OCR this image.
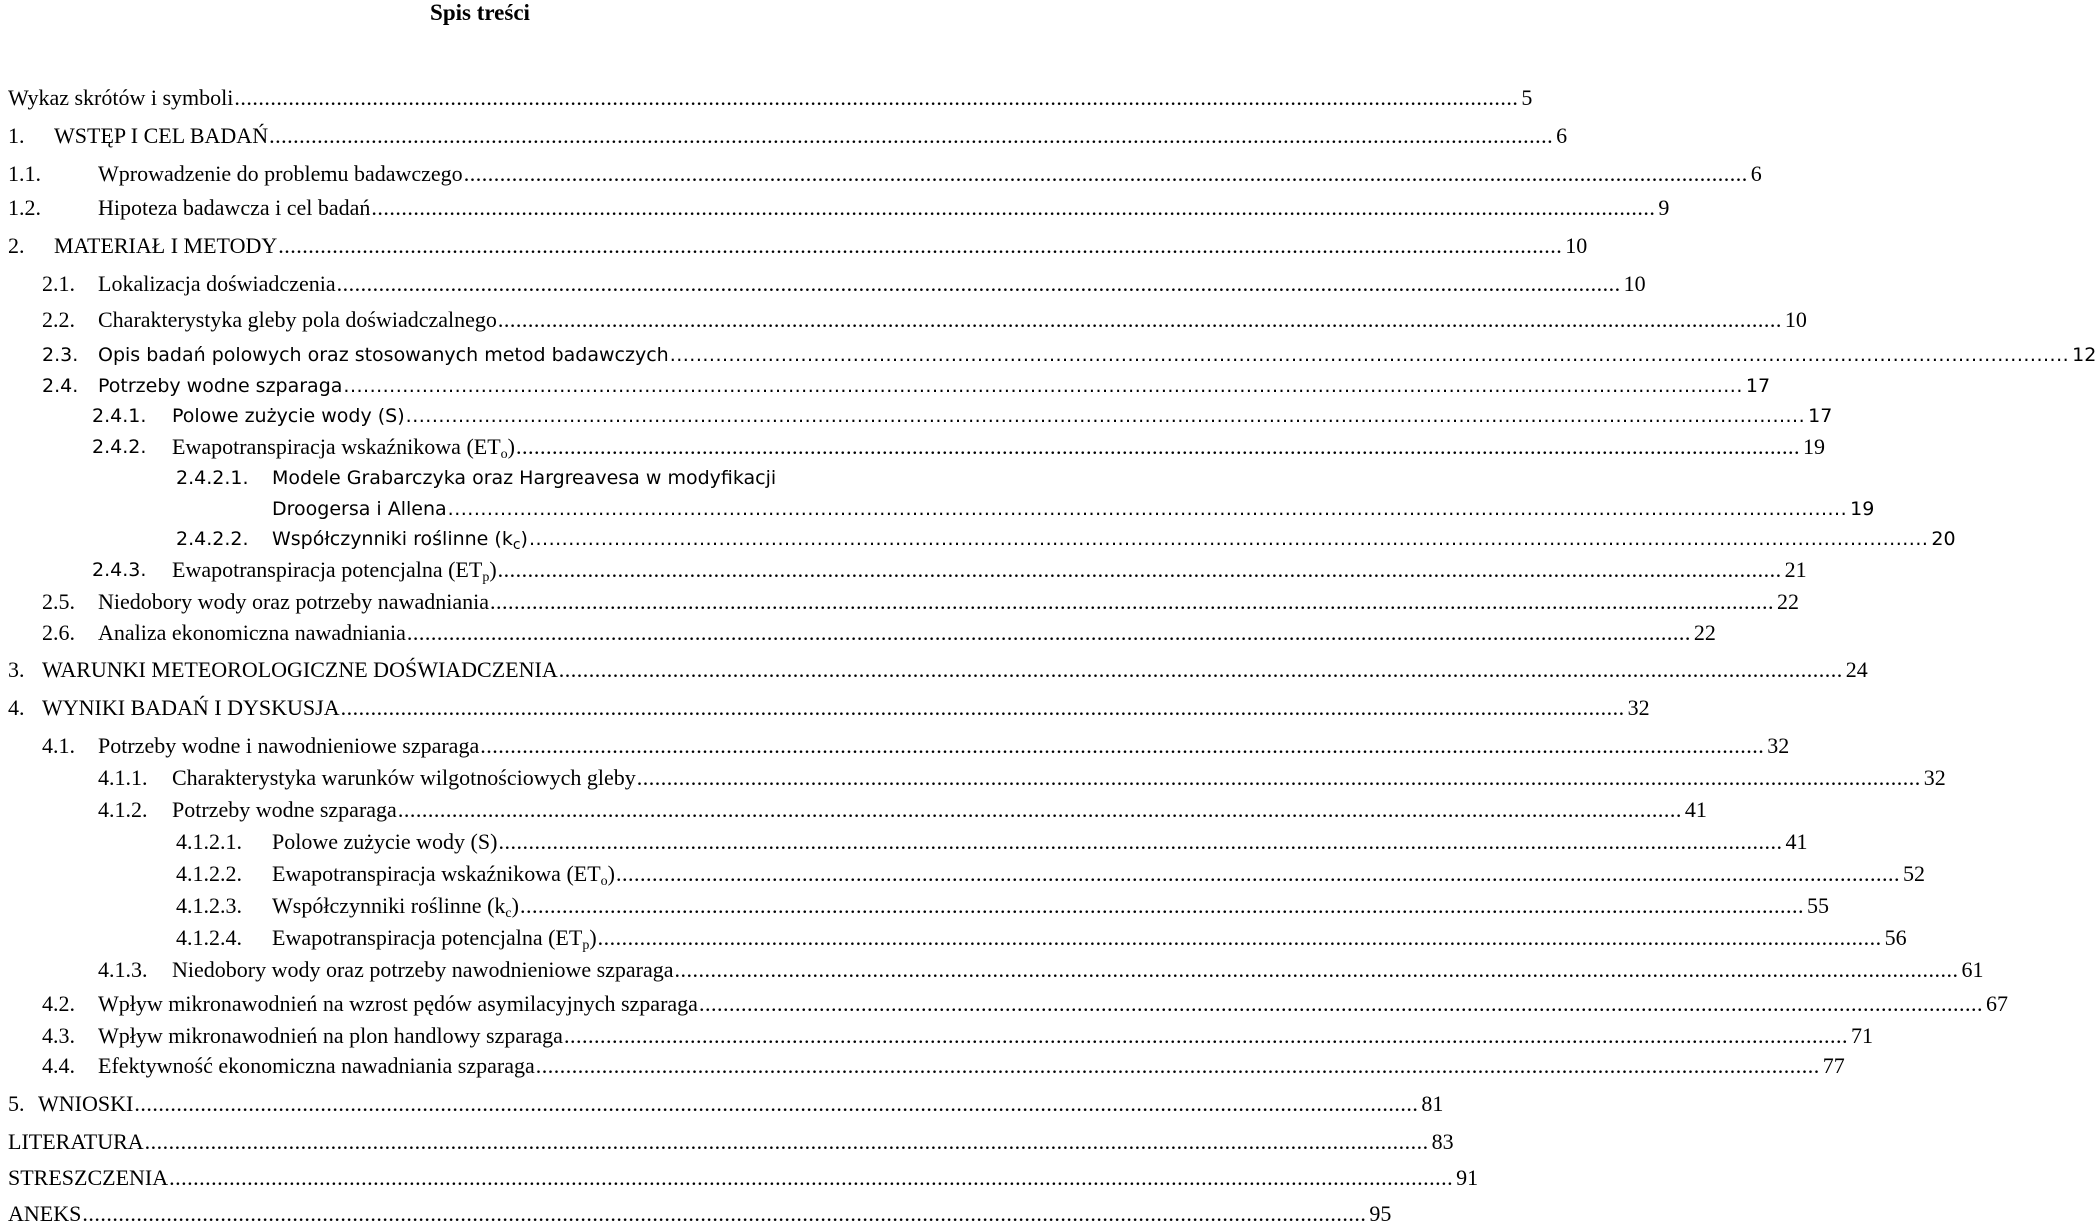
Spis treści
Wykaz skrótów i symboli ...................................................................................................................................................................................................................... 5
1.	WSTĘP I CEL BADAŃ ...................................................................................................................................................................................................................... 6
1.1.	Wprowadzenie do problemu badawczego ...................................................................................................................................................................................................................... 6
1.2.	Hipoteza badawcza i cel badań ...................................................................................................................................................................................................................... 9
2.	MATERIAŁ I METODY ...................................................................................................................................................................................................................... 10
2.1.	Lokalizacja doświadczenia ...................................................................................................................................................................................................................... 10
2.2.	Charakterystyka gleby pola doświadczalnego ...................................................................................................................................................................................................................... 10
2.3.	Opis badań polowych oraz stosowanych metod badawczych ...................................................................................................................................................................................................................... 12
2.4.	Potrzeby wodne szparaga ...................................................................................................................................................................................................................... 17
2.4.1.	Polowe zużycie wody (S) ...................................................................................................................................................................................................................... 17
2.4.2.	Ewapotranspiracja wskaźnikowa $(ET_o)$ ...................................................................................................................................................................................................................... 19
2.4.2.1.	Modele Grabarczyka oraz Hargreavesa w modyfikacji
Droogersa i Allena ...................................................................................................................................................................................................................... 19
2.4.2.2.	Współczynniki roślinne $(k_c)$ ...................................................................................................................................................................................................................... 20
2.4.3.	Ewapotranspiracja potencjalna $(ET_p)$ ...................................................................................................................................................................................................................... 21
2.5.	Niedobory wody oraz potrzeby nawadniania ...................................................................................................................................................................................................................... 22
2.6.	Analiza ekonomiczna nawadniania ...................................................................................................................................................................................................................... 22
3. WARUNKI METEOROLOGICZNE DOŚWIADCZENIA ...................................................................................................................................................................................................................... 24
4. WYNIKI BADAŃ I DYSKUSJA ...................................................................................................................................................................................................................... 32
4.1.	Potrzeby wodne i nawodnieniowe szparaga ...................................................................................................................................................................................................................... 32
4.1.1.	Charakterystyka warunków wilgotnościowych gleby ...................................................................................................................................................................................................................... 32
4.1.2.	Potrzeby wodne szparaga ...................................................................................................................................................................................................................... 41
4.1.2.1.	Polowe zużycie wody (S) ...................................................................................................................................................................................................................... 41
4.1.2.2.	Ewapotranspiracja wskaźnikowa $(ET_o)$ ...................................................................................................................................................................................................................... 52
4.1.2.3.	Współczynniki roślinne $(k_c)$ ...................................................................................................................................................................................................................... 55
4.1.2.4.	Ewapotranspiracja potencjalna $(ET_p)$ ...................................................................................................................................................................................................................... 56
4.1.3.	Niedobory wody oraz potrzeby nawodnieniowe szparaga ...................................................................................................................................................................................................................... 61
4.2.	Wpływ mikronawodnień na wzrost pędów asymilacyjnych szparaga ...................................................................................................................................................................................................................... 67
4.3.	Wpływ mikronawodnień na plon handlowy szparaga ...................................................................................................................................................................................................................... 71
4.4.	Efektywność ekonomiczna nawadniania szparaga ...................................................................................................................................................................................................................... 77
5. WNIOSKI ...................................................................................................................................................................................................................... 81
LITERATURA ...................................................................................................................................................................................................................... 83
STRESZCZENIA ...................................................................................................................................................................................................................... 91
ANEKS ...................................................................................................................................................................................................................... 95
